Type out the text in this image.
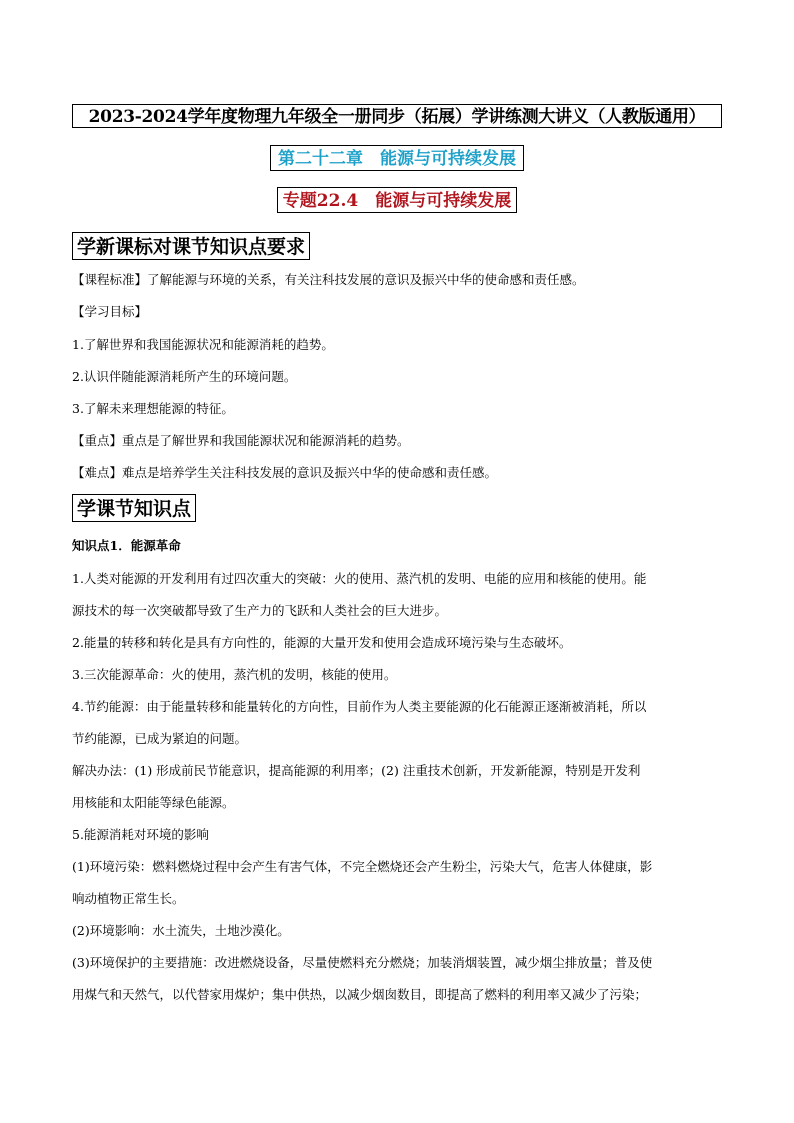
2023-2024学年度物理九年级全一册同步（拓展）学讲练测大讲义（人教版通用）
第二十二章　能源与可持续发展
专题22.4　能源与可持续发展
学新课标对课节知识点要求
【课程标准】了解能源与环境的关系，有关注科技发展的意识及振兴中华的使命感和责任感。
【学习目标】
1.了解世界和我国能源状况和能源消耗的趋势。
2.认识伴随能源消耗所产生的环境问题。
3.了解未来理想能源的特征。
【重点】重点是了解世界和我国能源状况和能源消耗的趋势。
【难点】难点是培养学生关注科技发展的意识及振兴中华的使命感和责任感。
学课节知识点
知识点1．能源革命
1.人类对能源的开发利用有过四次重大的突破：火的使用、蒸汽机的发明、电能的应用和核能的使用。能
源技术的每一次突破都导致了生产力的飞跃和人类社会的巨大进步。
2.能量的转移和转化是具有方向性的，能源的大量开发和使用会造成环境污染与生态破坏。
3.三次能源革命：火的使用，蒸汽机的发明，核能的使用。
4.节约能源：由于能量转移和能量转化的方向性，目前作为人类主要能源的化石能源正逐渐被消耗，所以
节约能源，已成为紧迫的问题。
解决办法：(1) 形成前民节能意识，提高能源的利用率；(2) 注重技术创新，开发新能源，特别是开发利
用核能和太阳能等绿色能源。
5.能源消耗对环境的影响
(1)环境污染：燃料燃烧过程中会产生有害气体，不完全燃烧还会产生粉尘，污染大气，危害人体健康，影
响动植物正常生长。
(2)环境影响：水土流失，土地沙漠化。
(3)环境保护的主要措施：改进燃烧设备，尽量使燃料充分燃烧；加装消烟装置，减少烟尘排放量；普及使
用煤气和天然气，以代替家用煤炉；集中供热，以减少烟囱数目，即提高了燃料的利用率又减少了污染；
